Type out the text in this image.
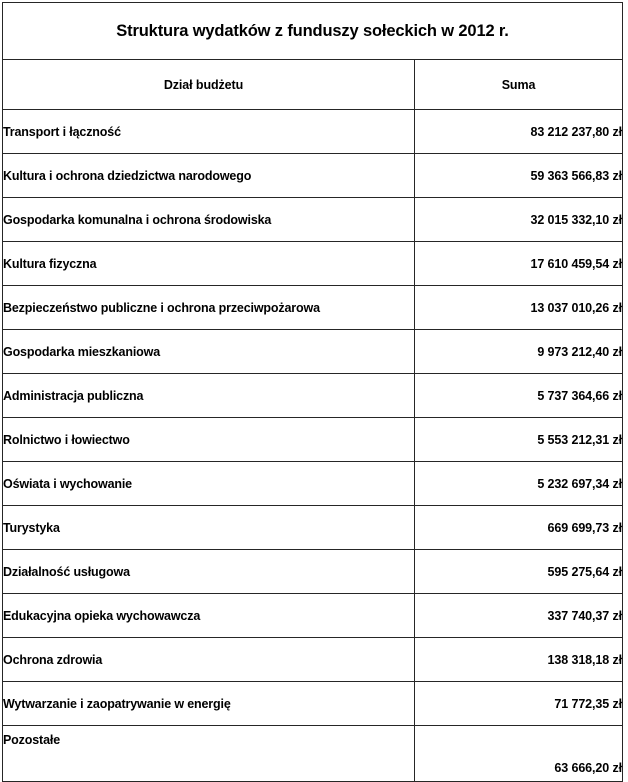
Struktura wydatków z funduszy sołeckich w 2012 r.	
Dział budżetu	Suma
Transport i łączność	83 212 237,80 zł
Kultura i ochrona dziedzictwa narodowego	59 363 566,83 zł
Gospodarka komunalna i ochrona środowiska	32 015 332,10 zł
Kultura fizyczna	17 610 459,54 zł
Bezpieczeństwo publiczne i ochrona przeciwpożarowa	13 037 010,26 zł
Gospodarka mieszkaniowa	9 973 212,40 zł
Administracja publiczna	5 737 364,66 zł
Rolnictwo i łowiectwo	5 553 212,31 zł
Oświata i wychowanie	5 232 697,34 zł
Turystyka	669 699,73 zł
Działalność usługowa	595 275,64 zł
Edukacyjna opieka wychowawcza	337 740,37 zł
Ochrona zdrowia	138 318,18 zł
Wytwarzanie i zaopatrywanie w energię	71 772,35 zł
Pozostałe	63 666,20 zł
